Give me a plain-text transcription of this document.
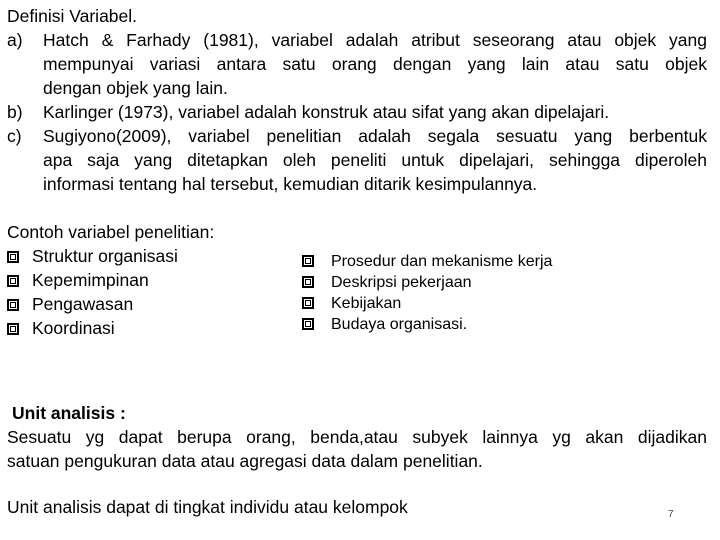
Definisi Variabel.
a) Hatch & Farhady (1981), variabel adalah atribut seseorang atau objek yang
mempunyai variasi antara satu orang dengan yang lain atau satu objek
dengan objek yang lain.
b) Karlinger (1973), variabel adalah konstruk atau sifat yang akan dipelajari.
c) Sugiyono(2009), variabel penelitian adalah segala sesuatu yang berbentuk
apa saja yang ditetapkan oleh peneliti untuk dipelajari, sehingga diperoleh
informasi tentang hal tersebut, kemudian ditarik kesimpulannya.
Contoh variabel penelitian:
Struktur organisasi
Kepemimpinan
Pengawasan
Koordinasi
Prosedur dan mekanisme kerja
Deskripsi pekerjaan
Kebijakan
Budaya organisasi.
Unit analisis :
Sesuatu yg dapat berupa orang, benda,atau subyek lainnya yg akan dijadikan
satuan pengukuran data atau agregasi data dalam penelitian.
Unit analisis dapat di tingkat individu atau kelompok	7
